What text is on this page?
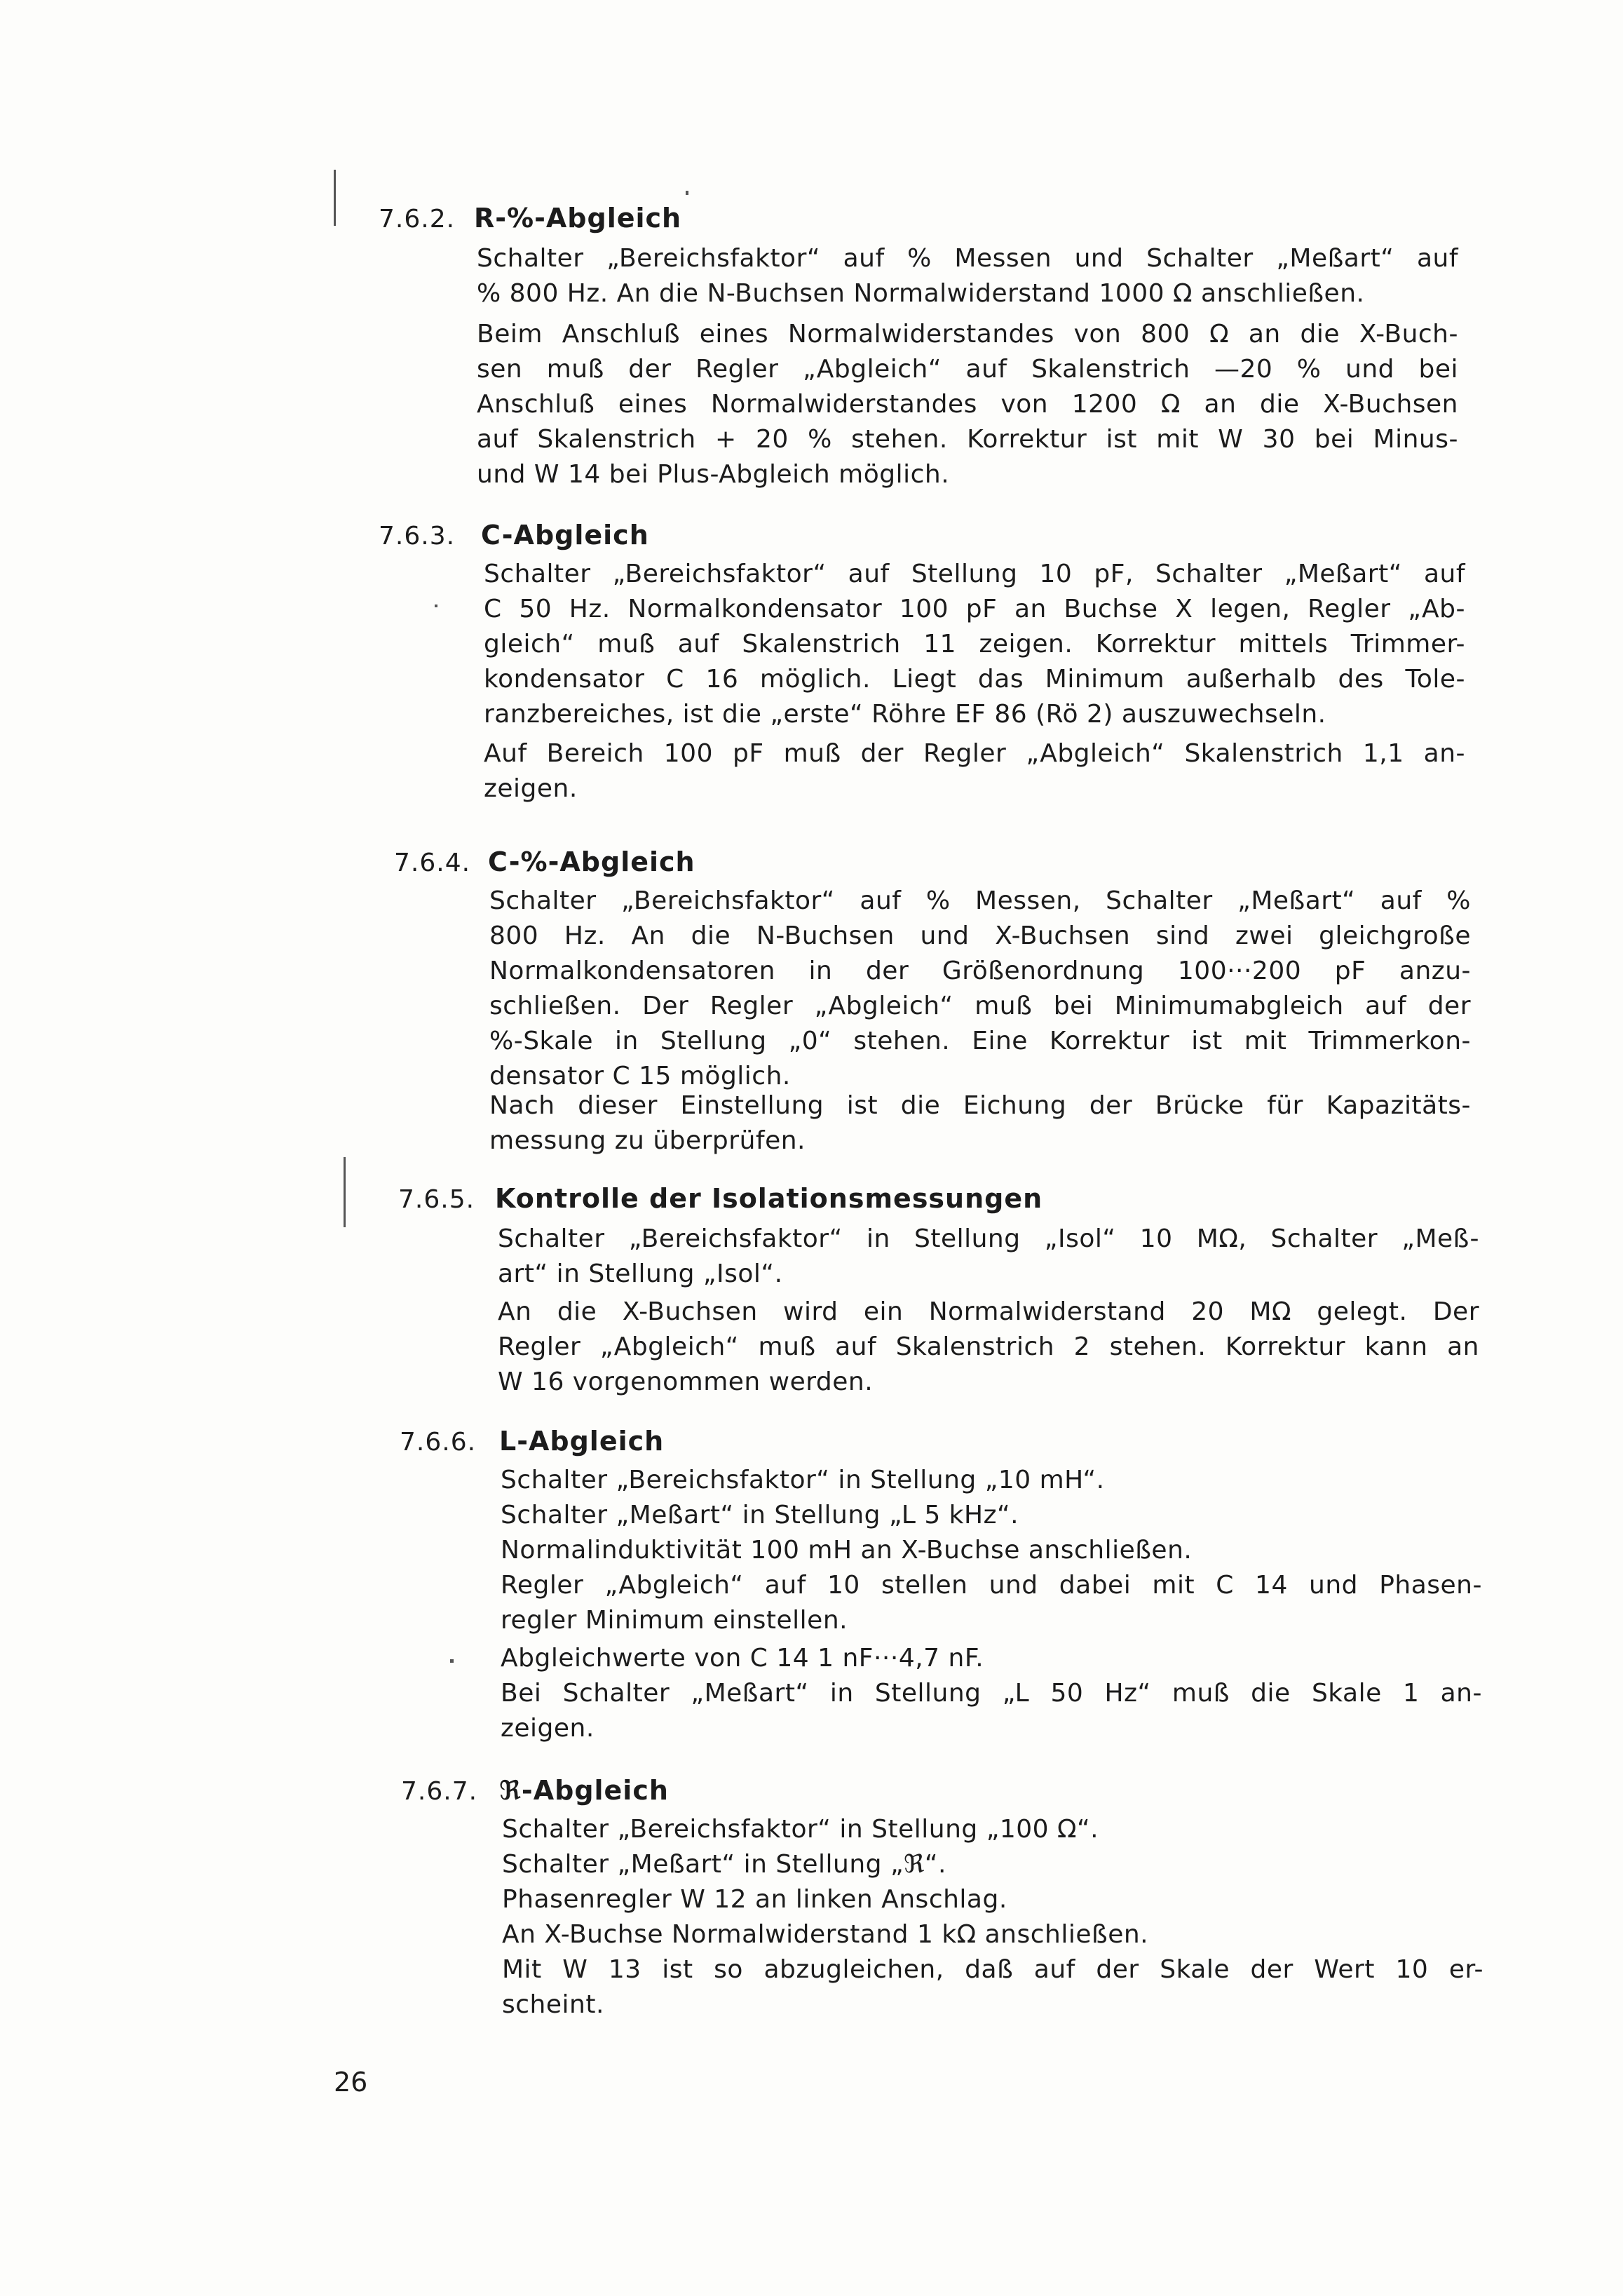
7.6.2. R-%-Abgleich
Schalter „Bereichsfaktor“ auf % Messen und Schalter „Meßart“ auf
% 800 Hz. An die N-Buchsen Normalwiderstand 1000 Ω anschließen.
Beim Anschluß eines Normalwiderstandes von 800 Ω an die X-Buch-
sen muß der Regler „Abgleich“ auf Skalenstrich —20 % und bei
Anschluß eines Normalwiderstandes von 1200 Ω an die X-Buchsen
auf Skalenstrich + 20 % stehen. Korrektur ist mit W 30 bei Minus-
und W 14 bei Plus-Abgleich möglich.
7.6.3. C-Abgleich
Schalter „Bereichsfaktor“ auf Stellung 10 pF, Schalter „Meßart“ auf
C 50 Hz. Normalkondensator 100 pF an Buchse X legen, Regler „Ab-
gleich“ muß auf Skalenstrich 11 zeigen. Korrektur mittels Trimmer-
kondensator C 16 möglich. Liegt das Minimum außerhalb des Tole-
ranzbereiches, ist die „erste“ Röhre EF 86 (Rö 2) auszuwechseln.
Auf Bereich 100 pF muß der Regler „Abgleich“ Skalenstrich 1,1 an-
zeigen.
7.6.4. C-%-Abgleich
Schalter „Bereichsfaktor“ auf % Messen, Schalter „Meßart“ auf %
800 Hz. An die N-Buchsen und X-Buchsen sind zwei gleichgroße
Normalkondensatoren in der Größenordnung 100···200 pF anzu-
schließen. Der Regler „Abgleich“ muß bei Minimumabgleich auf der
%-Skale in Stellung „0“ stehen. Eine Korrektur ist mit Trimmerkon-
densator C 15 möglich.
Nach dieser Einstellung ist die Eichung der Brücke für Kapazitäts-
messung zu überprüfen.
7.6.5. Kontrolle der Isolationsmessungen
Schalter „Bereichsfaktor“ in Stellung „Isol“ 10 MΩ, Schalter „Meß-
art“ in Stellung „Isol“.
An die X-Buchsen wird ein Normalwiderstand 20 MΩ gelegt. Der
Regler „Abgleich“ muß auf Skalenstrich 2 stehen. Korrektur kann an
W 16 vorgenommen werden.
7.6.6. L-Abgleich
Schalter „Bereichsfaktor“ in Stellung „10 mH“.
Schalter „Meßart“ in Stellung „L 5 kHz“.
Normalinduktivität 100 mH an X-Buchse anschließen.
Regler „Abgleich“ auf 10 stellen und dabei mit C 14 und Phasen-
regler Minimum einstellen.
Abgleichwerte von C 14 1 nF···4,7 nF.
Bei Schalter „Meßart“ in Stellung „L 50 Hz“ muß die Skale 1 an-
zeigen.
7.6.7. ℜ-Abgleich
Schalter „Bereichsfaktor“ in Stellung „100 Ω“.
Schalter „Meßart“ in Stellung „ℜ“.
Phasenregler W 12 an linken Anschlag.
An X-Buchse Normalwiderstand 1 kΩ anschließen.
Mit W 13 ist so abzugleichen, daß auf der Skale der Wert 10 er-
scheint.
26
